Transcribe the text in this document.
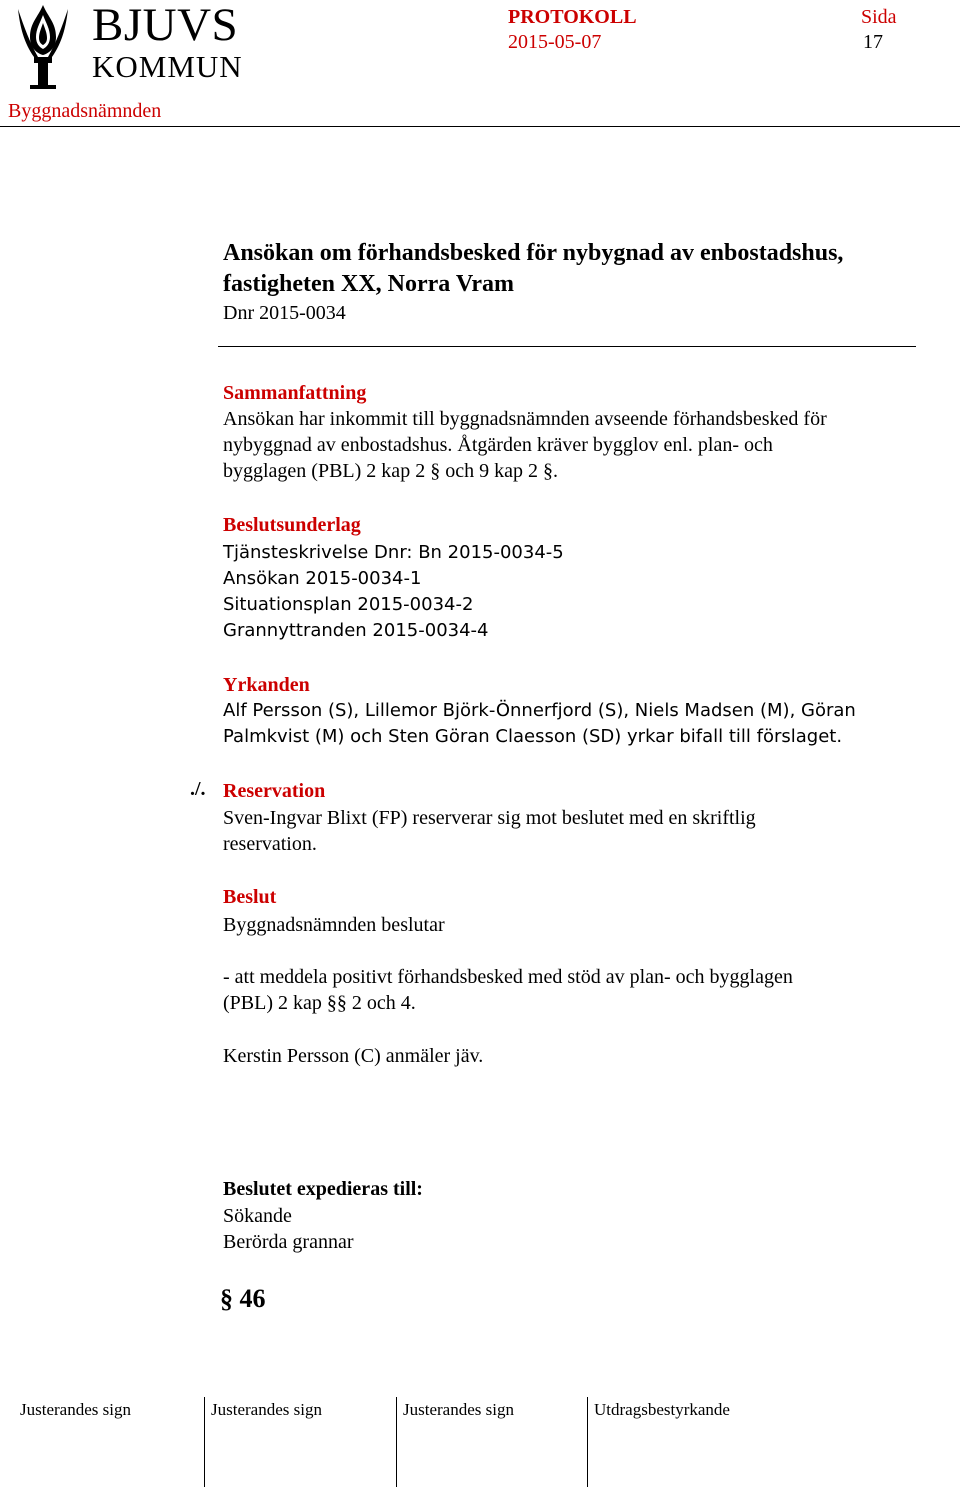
BJUVS
KOMMUN
PROTOKOLL
2015-05-07
Sida
17
Byggnadsnämnden
Ansökan om förhandsbesked för nybygnad av enbostadshus,
fastigheten XX, Norra Vram
Dnr 2015-0034
Sammanfattning
Ansökan har inkommit till byggnadsnämnden avseende förhandsbesked för
nybyggnad av enbostadshus. Åtgärden kräver bygglov enl. plan- och
bygglagen (PBL) 2 kap 2 § och 9 kap 2 §.
Beslutsunderlag
Tjänsteskrivelse Dnr: Bn 2015-0034-5
Ansökan 2015-0034-1
Situationsplan 2015-0034-2
Grannyttranden 2015-0034-4
Yrkanden
Alf Persson (S), Lillemor Björk-Önnerfjord (S), Niels Madsen (M), Göran
Palmkvist (M) och Sten Göran Claesson (SD) yrkar bifall till förslaget.
./. Reservation
Sven-Ingvar Blixt (FP) reserverar sig mot beslutet med en skriftlig
reservation.
Beslut
Byggnadsnämnden beslutar
- att meddela positivt förhandsbesked med stöd av plan- och bygglagen
(PBL) 2 kap §§ 2 och 4.
Kerstin Persson (C) anmäler jäv.
Beslutet expedieras till:
Sökande
Berörda grannar
§ 46
Justerandes sign	Justerandes sign	Justerandes sign	Utdragsbestyrkande
